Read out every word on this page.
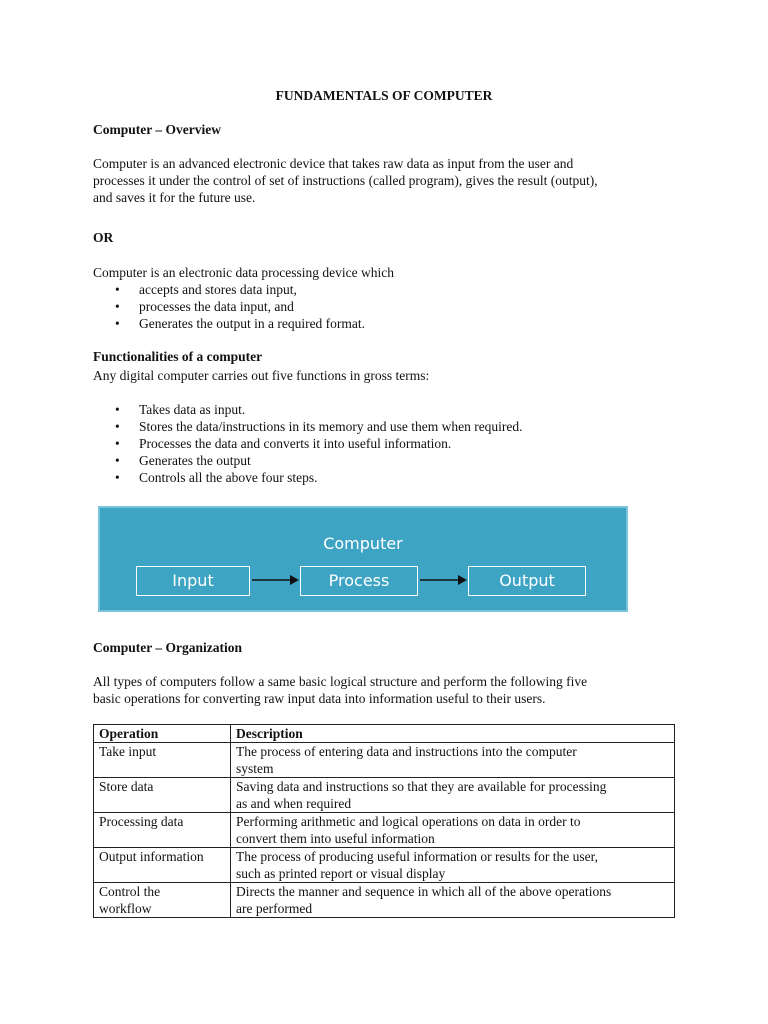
FUNDAMENTALS OF COMPUTER
Computer – Overview

Computer is an advanced electronic device that takes raw data as input from the user and

processes it under the control of set of instructions (called program), gives the result (output),

and saves it for the future use.

OR

Computer is an electronic data processing device which

• accepts and stores data input,
• processes the data input, and
• Generates the output in a required format.
Functionalities of a computer

Any digital computer carries out five functions in gross terms:

• Takes data as input.
• Stores the data/instructions in its memory and use them when required.
• Processes the data and converts it into useful information.
• Generates the output
• Controls all the above four steps.
Computer
Input	Process	Output
Computer – Organization

All types of computers follow a same basic logical structure and perform the following five

basic operations for converting raw input data into information useful to their users.

Operation	Description
Take input	The process of entering data and instructions into the computer
system
Store data	Saving data and instructions so that they are available for processing
as and when required
Processing data	Performing arithmetic and logical operations on data in order to
convert them into useful information
Output information	The process of producing useful information or results for the user,
such as printed report or visual display
Control the
workflow	Directs the manner and sequence in which all of the above operations
are performed
